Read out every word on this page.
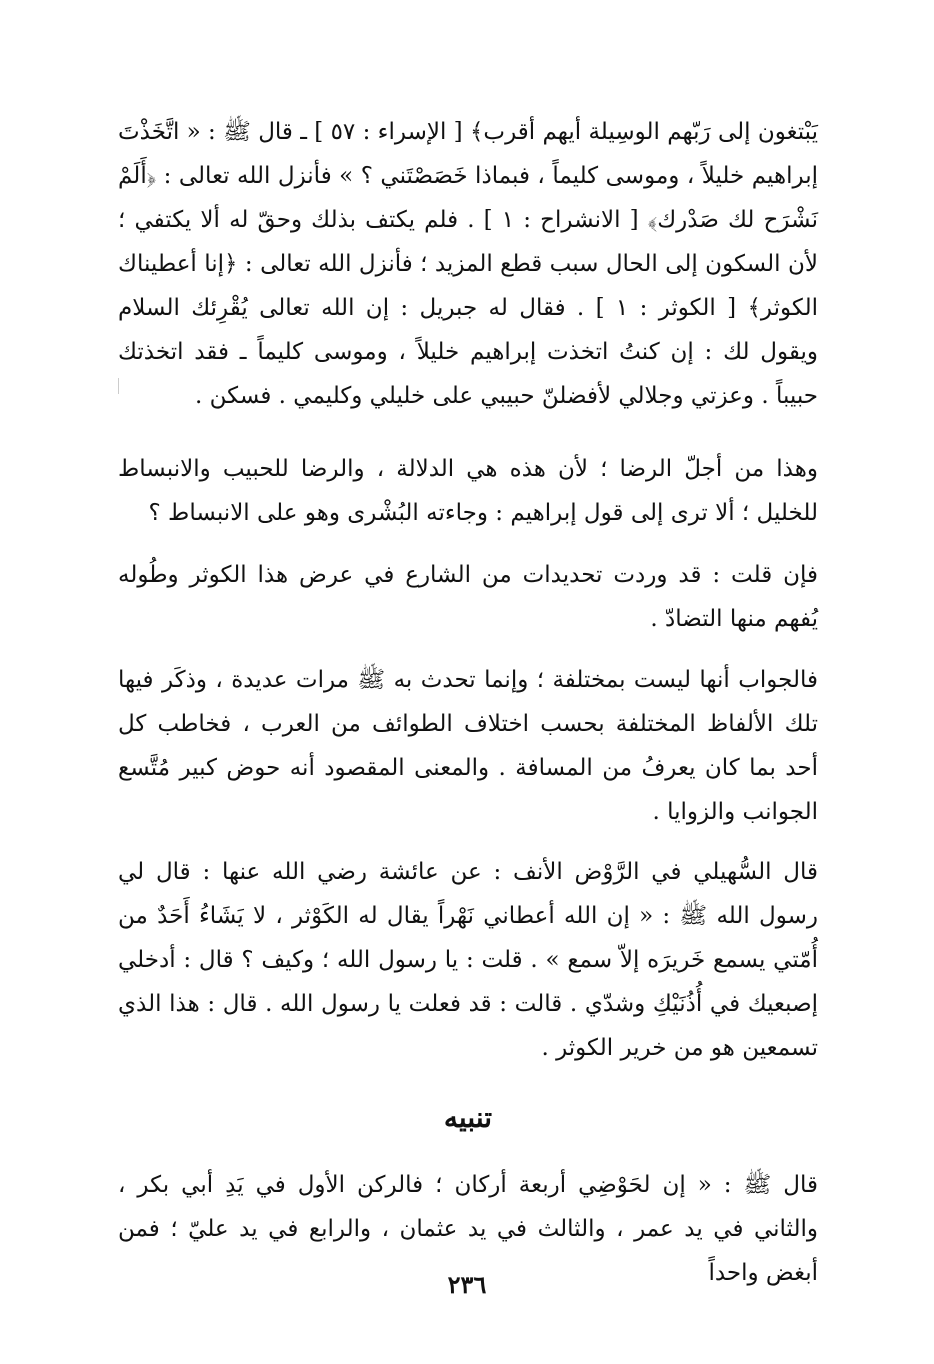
يَبْتغون إلى رَبّهم الوسِيلة أيهم أقرب﴾ [ الإسراء : ٥٧ ] ـ قال ﷺ : « اتَّخَذْتَ إبراهيم خليلاً ، وموسى كليماً ، فبماذا خَصَصْتَني ؟ » فأنزل الله تعالى : ﴿أَلَمْ نَشْرَح لك صَدْرك﴾ [ الانشراح : ١ ] . فلم يكتف بذلك وحقّ له ألا يكتفي ؛ لأن السكون إلى الحال سبب قطع المزيد ؛ فأنزل الله تعالى : ﴿إنا أعطيناك الكوثر﴾ [ الكوثر : ١ ] . فقال له جبريل : إن الله تعالى يُقْرِئك السلام ويقول لك : إن كنتُ اتخذت إبراهيم خليلاً ، وموسى كليماً ـ فقد اتخذتك حبيباً . وعزتي وجلالي لأفضلنّ حبيبي على خليلي وكليمي . فسكن .

وهذا من أجلّ الرضا ؛ لأن هذه هي الدلالة ، والرضا للحبيب والانبساط للخليل ؛ ألا ترى إلى قول إبراهيم : وجاءته البُشْرى وهو على الانبساط ؟

فإن قلت : قد وردت تحديدات من الشارع في عرض هذا الكوثر وطُوله يُفهم منها التضادّ .

فالجواب أنها ليست بمختلفة ؛ وإنما تحدث به ﷺ مرات عديدة ، وذكَر فيها تلك الألفاظ المختلفة بحسب اختلاف الطوائف من العرب ، فخاطب كل أحد بما كان يعرفُ من المسافة . والمعنى المقصود أنه حوض كبير مُتَّسع الجوانب والزوايا .

قال السُّهيلي في الرَّوْض الأنف : عن عائشة رضي الله عنها : قال لي رسول الله ﷺ : « إن الله أعطاني نَهْراً يقال له الكَوْثر ، لا يَشَاءُ أَحَدٌ من أُمّتي يسمع خَريرَه إلاّ سمع » . قلت : يا رسول الله ؛ وكيف ؟ قال : أدخلي إصبعيك في أُذُنَيْكِ وشدّي . قالت : قد فعلت يا رسول الله . قال : هذا الذي تسمعين هو من خرير الكوثر .

تنبيه

قال ﷺ : « إن لحَوْضِي أربعة أركان ؛ فالركن الأول في يَدِ أبي بكر ، والثاني في يد عمر ، والثالث في يد عثمان ، والرابع في يد عليّ ؛ فمن أبغض واحداً

٢٣٦
